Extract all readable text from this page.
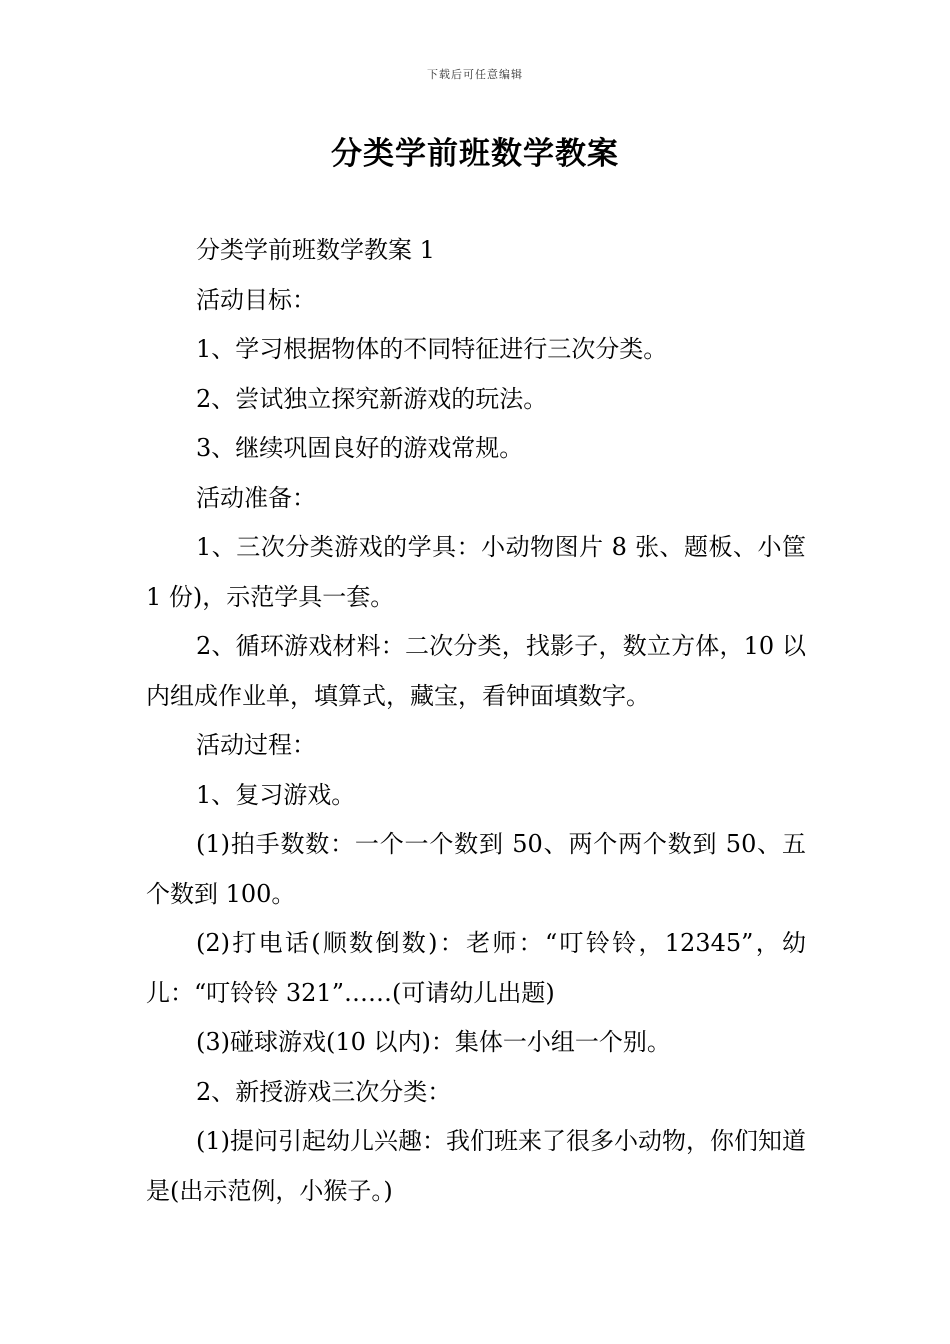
下载后可任意编辑
分类学前班数学教案

分类学前班数学教案 1

活动目标：

1、学习根据物体的不同特征进行三次分类。

2、尝试独立探究新游戏的玩法。

3、继续巩固良好的游戏常规。

活动准备：

1、三次分类游戏的学具：小动物图片 8 张、题板、小筐 1 份)，示范学具一套。

2、循环游戏材料：二次分类，找影子，数立方体，10 以内组成作业单，填算式，藏宝，看钟面填数字。

活动过程：

1、复习游戏。

(1)拍手数数：一个一个数到 50、两个两个数到 50、五个数到 100。

(2)打电话(顺数倒数)：老师：“叮铃铃，12345”，幼儿：“叮铃铃 321”……(可请幼儿出题)

(3)碰球游戏(10 以内)：集体一小组一个别。

2、新授游戏三次分类：

(1)提问引起幼儿兴趣：我们班来了很多小动物，你们知道是(出示范例，小猴子。)
